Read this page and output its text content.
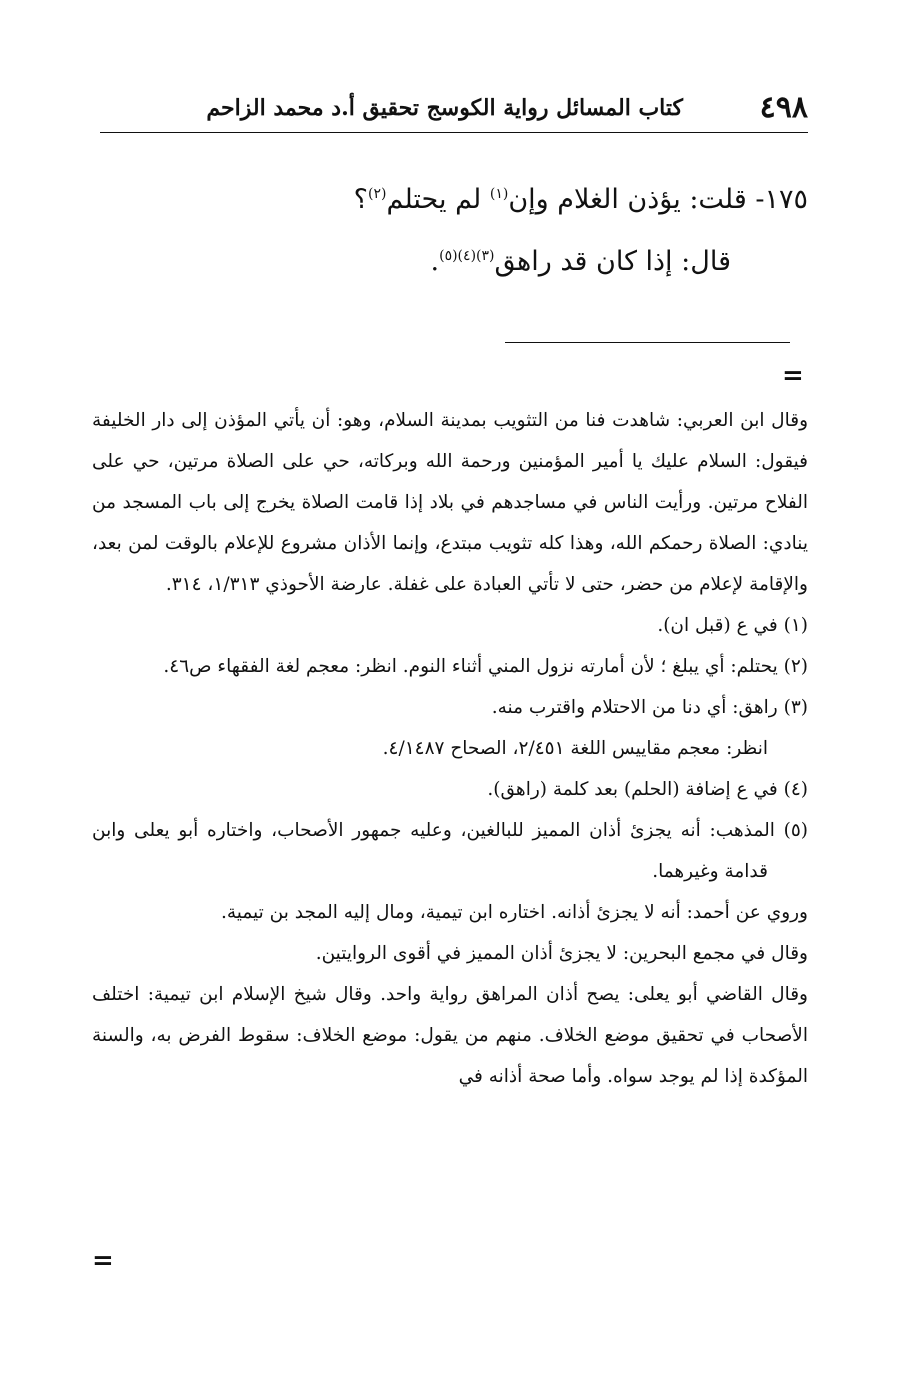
٤٩٨
كتاب المسائل رواية الكوسج تحقيق أ.د محمد الزاحم
١٧٥- قلت: يؤذن الغلام وإن$^{(١)}$ لم يحتلم$^{(٢)}$؟
قال: إذا كان قد راهق$^{(٣)(٤)(٥)}$.
=

وقال ابن العربي: شاهدت فنا من التثويب بمدينة السلام، وهو: أن يأتي المؤذن إلى دار الخليفة فيقول: السلام عليك يا أمير المؤمنين ورحمة الله وبركاته، حي على الصلاة مرتين، حي على الفلاح مرتين. ورأيت الناس في مساجدهم في بلاد إذا قامت الصلاة يخرج إلى باب المسجد من ينادي: الصلاة رحمكم الله، وهذا كله تثويب مبتدع، وإنما الأذان مشروع للإعلام بالوقت لمن بعد، والإقامة لإعلام من حضر، حتى لا تأتي العبادة على غفلة. عارضة الأحوذي ١/٣١٣، ٣١٤.

(١) في ع (قبل ان).

(٢) يحتلم: أي يبلغ ؛ لأن أمارته نزول المني أثناء النوم. انظر: معجم لغة الفقهاء ص٤٦.

(٣) راهق: أي دنا من الاحتلام واقترب منه.

انظر: معجم مقاييس اللغة ٢/٤٥١، الصحاح ٤/١٤٨٧.

(٤) في ع إضافة (الحلم) بعد كلمة (راهق).

(٥) المذهب: أنه يجزئ أذان المميز للبالغين، وعليه جمهور الأصحاب، واختاره أبو يعلى وابن قدامة وغيرهما.

وروي عن أحمد: أنه لا يجزئ أذانه. اختاره ابن تيمية، ومال إليه المجد بن تيمية.

وقال في مجمع البحرين: لا يجزئ أذان المميز في أقوى الروايتين.

وقال القاضي أبو يعلى: يصح أذان المراهق رواية واحد. وقال شيخ الإسلام ابن تيمية: اختلف الأصحاب في تحقيق موضع الخلاف. منهم من يقول: موضع الخلاف: سقوط الفرض به، والسنة المؤكدة إذا لم يوجد سواه. وأما صحة أذانه في

=
